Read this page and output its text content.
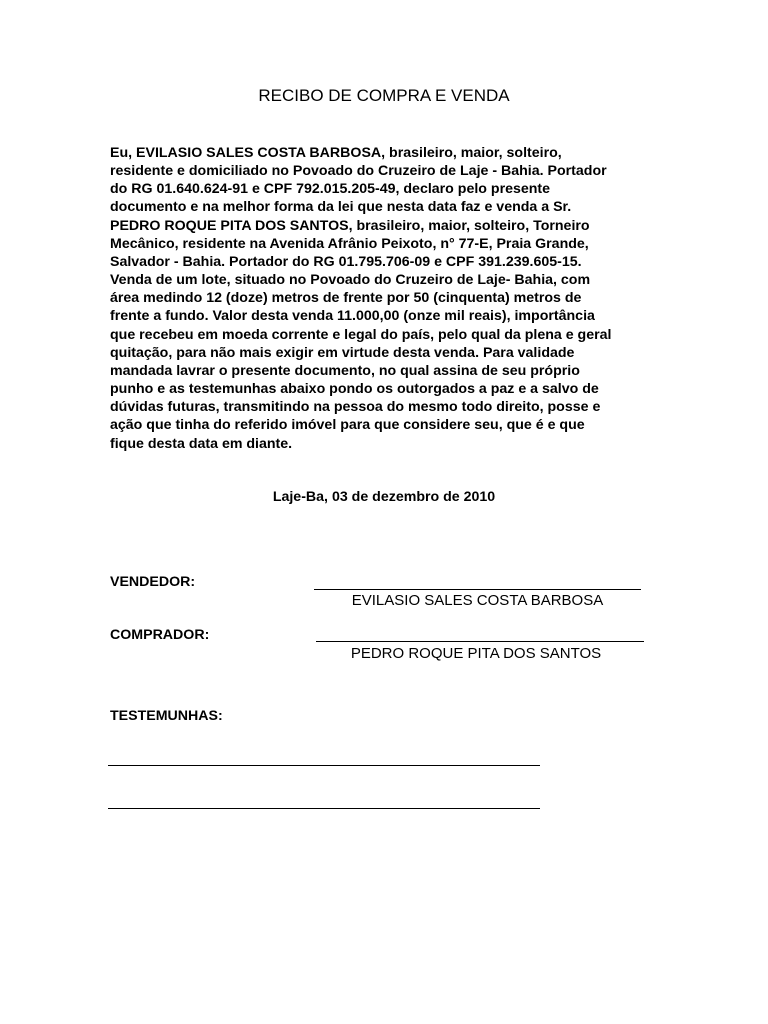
RECIBO DE COMPRA E VENDA
Eu, EVILASIO SALES COSTA BARBOSA, brasileiro, maior, solteiro,
residente e domiciliado no Povoado do Cruzeiro de Laje - Bahia. Portador
do RG 01.640.624-91 e CPF 792.015.205-49, declaro pelo presente
documento e na melhor forma da lei que nesta data faz e venda a Sr.
PEDRO ROQUE PITA DOS SANTOS, brasileiro, maior, solteiro, Torneiro
Mecânico, residente na Avenida Afrânio Peixoto, n° 77-E, Praia Grande,
Salvador - Bahia. Portador do RG 01.795.706-09 e CPF 391.239.605-15.
Venda de um lote, situado no Povoado do Cruzeiro de Laje- Bahia, com
área medindo 12 (doze) metros de frente por 50 (cinquenta) metros de
frente a fundo. Valor desta venda 11.000,00 (onze mil reais), importância
que recebeu em moeda corrente e legal do país, pelo qual da plena e geral
quitação, para não mais exigir em virtude desta venda. Para validade
mandada lavrar o presente documento, no qual assina de seu próprio
punho e as testemunhas abaixo pondo os outorgados a paz e a salvo de
dúvidas futuras, transmitindo na pessoa do mesmo todo direito, posse e
ação que tinha do referido imóvel para que considere seu, que é e que
fique desta data em diante.
Laje-Ba, 03 de dezembro de 2010
VENDEDOR:
EVILASIO SALES COSTA BARBOSA
COMPRADOR:
PEDRO ROQUE PITA DOS SANTOS
TESTEMUNHAS:
